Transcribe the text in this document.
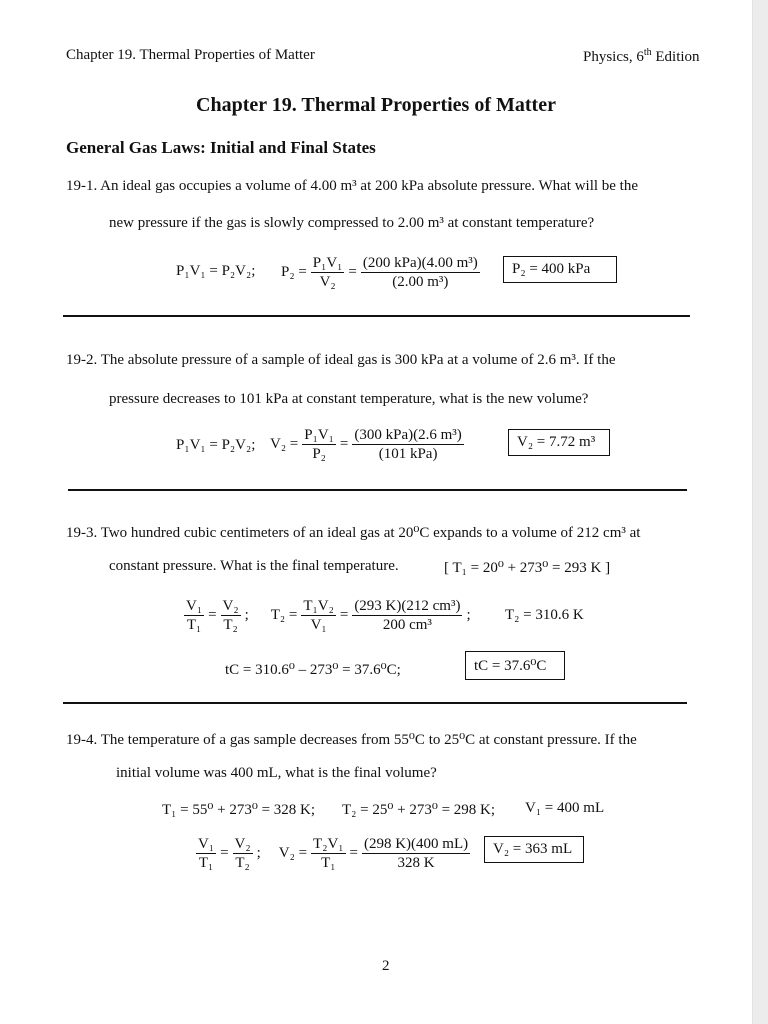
Chapter 19. Thermal Properties of Matter	Physics, 6th Edition
Chapter 19. Thermal Properties of Matter
General Gas Laws: Initial and Final States
19-1. An ideal gas occupies a volume of 4.00 m³ at 200 kPa absolute pressure. What will be the
new pressure if the gas is slowly compressed to 2.00 m³ at constant temperature?
P₁V₁ = P₂V₂; $P_2 = \frac{\text{P₁V₁}}{\text{V₂}} = \frac{\text{(200 kPa)(4.00 m³)}}{\text{(2.00 m³)}}$	P₂ = 400 kPa
19-2. The absolute pressure of a sample of ideal gas is 300 kPa at a volume of 2.6 m³. If the
pressure decreases to 101 kPa at constant temperature, what is the new volume?
P₁V₁ = P₂V₂; $V_2 = \frac{\text{P₁V₁}}{\text{P₂}} = \frac{\text{(300 kPa)(2.6 m³)}}{\text{(101 kPa)}}$	V₂ = 7.72 m³
19-3. Two hundred cubic centimeters of an ideal gas at 20⁰C expands to a volume of 212 cm³ at
constant pressure. What is the final temperature.	[ T₁ = 20⁰ + 273⁰ = 293 K ]
$\frac{\text{V₁}}{\text{T₁}} = \frac{\text{V₂}}{\text{T₂}}$ ; $T_2 = \frac{\text{T₁V₂}}{\text{V₁}} = \frac{\text{(293 K)(212 cm³)}}{\text{200 cm³}}$ ; T₂ = 310.6 K
tC = 310.6⁰ – 273⁰ = 37.6⁰C;	tC = 37.6⁰C
19-4. The temperature of a gas sample decreases from 55⁰C to 25⁰C at constant pressure. If the
initial volume was 400 mL, what is the final volume?
T₁ = 55⁰ + 273⁰ = 328 K; T₂ = 25⁰ + 273⁰ = 298 K; V₁ = 400 mL
$\frac{\text{V₁}}{\text{T₁}} = \frac{\text{V₂}}{\text{T₂}}$ ; $V_2 = \frac{\text{T₂V₁}}{\text{T₁}} = \frac{(298 K)(400 mL)}{328 K}$	V₂ = 363 mL
2
